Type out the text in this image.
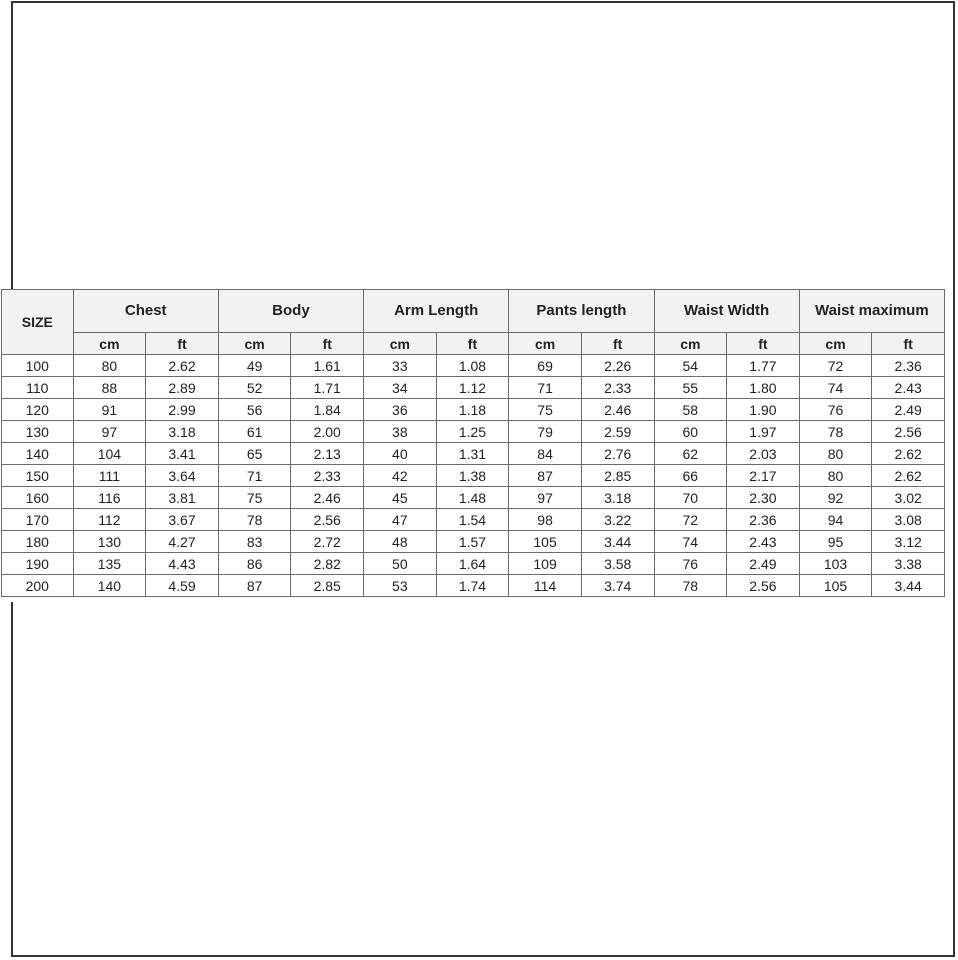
SIZE	Chest		Body		Arm Length		Pants length		Waist Width		Waist maximum	
	cm	ft	cm	ft	cm	ft	cm	ft	cm	ft	cm	ft
100	80	2.62	49	1.61	33	1.08	69	2.26	54	1.77	72	2.36
110	88	2.89	52	1.71	34	1.12	71	2.33	55	1.80	74	2.43
120	91	2.99	56	1.84	36	1.18	75	2.46	58	1.90	76	2.49
130	97	3.18	61	2.00	38	1.25	79	2.59	60	1.97	78	2.56
140	104	3.41	65	2.13	40	1.31	84	2.76	62	2.03	80	2.62
150	111	3.64	71	2.33	42	1.38	87	2.85	66	2.17	80	2.62
160	116	3.81	75	2.46	45	1.48	97	3.18	70	2.30	92	3.02
170	112	3.67	78	2.56	47	1.54	98	3.22	72	2.36	94	3.08
180	130	4.27	83	2.72	48	1.57	105	3.44	74	2.43	95	3.12
190	135	4.43	86	2.82	50	1.64	109	3.58	76	2.49	103	3.38
200	140	4.59	87	2.85	53	1.74	114	3.74	78	2.56	105	3.44
